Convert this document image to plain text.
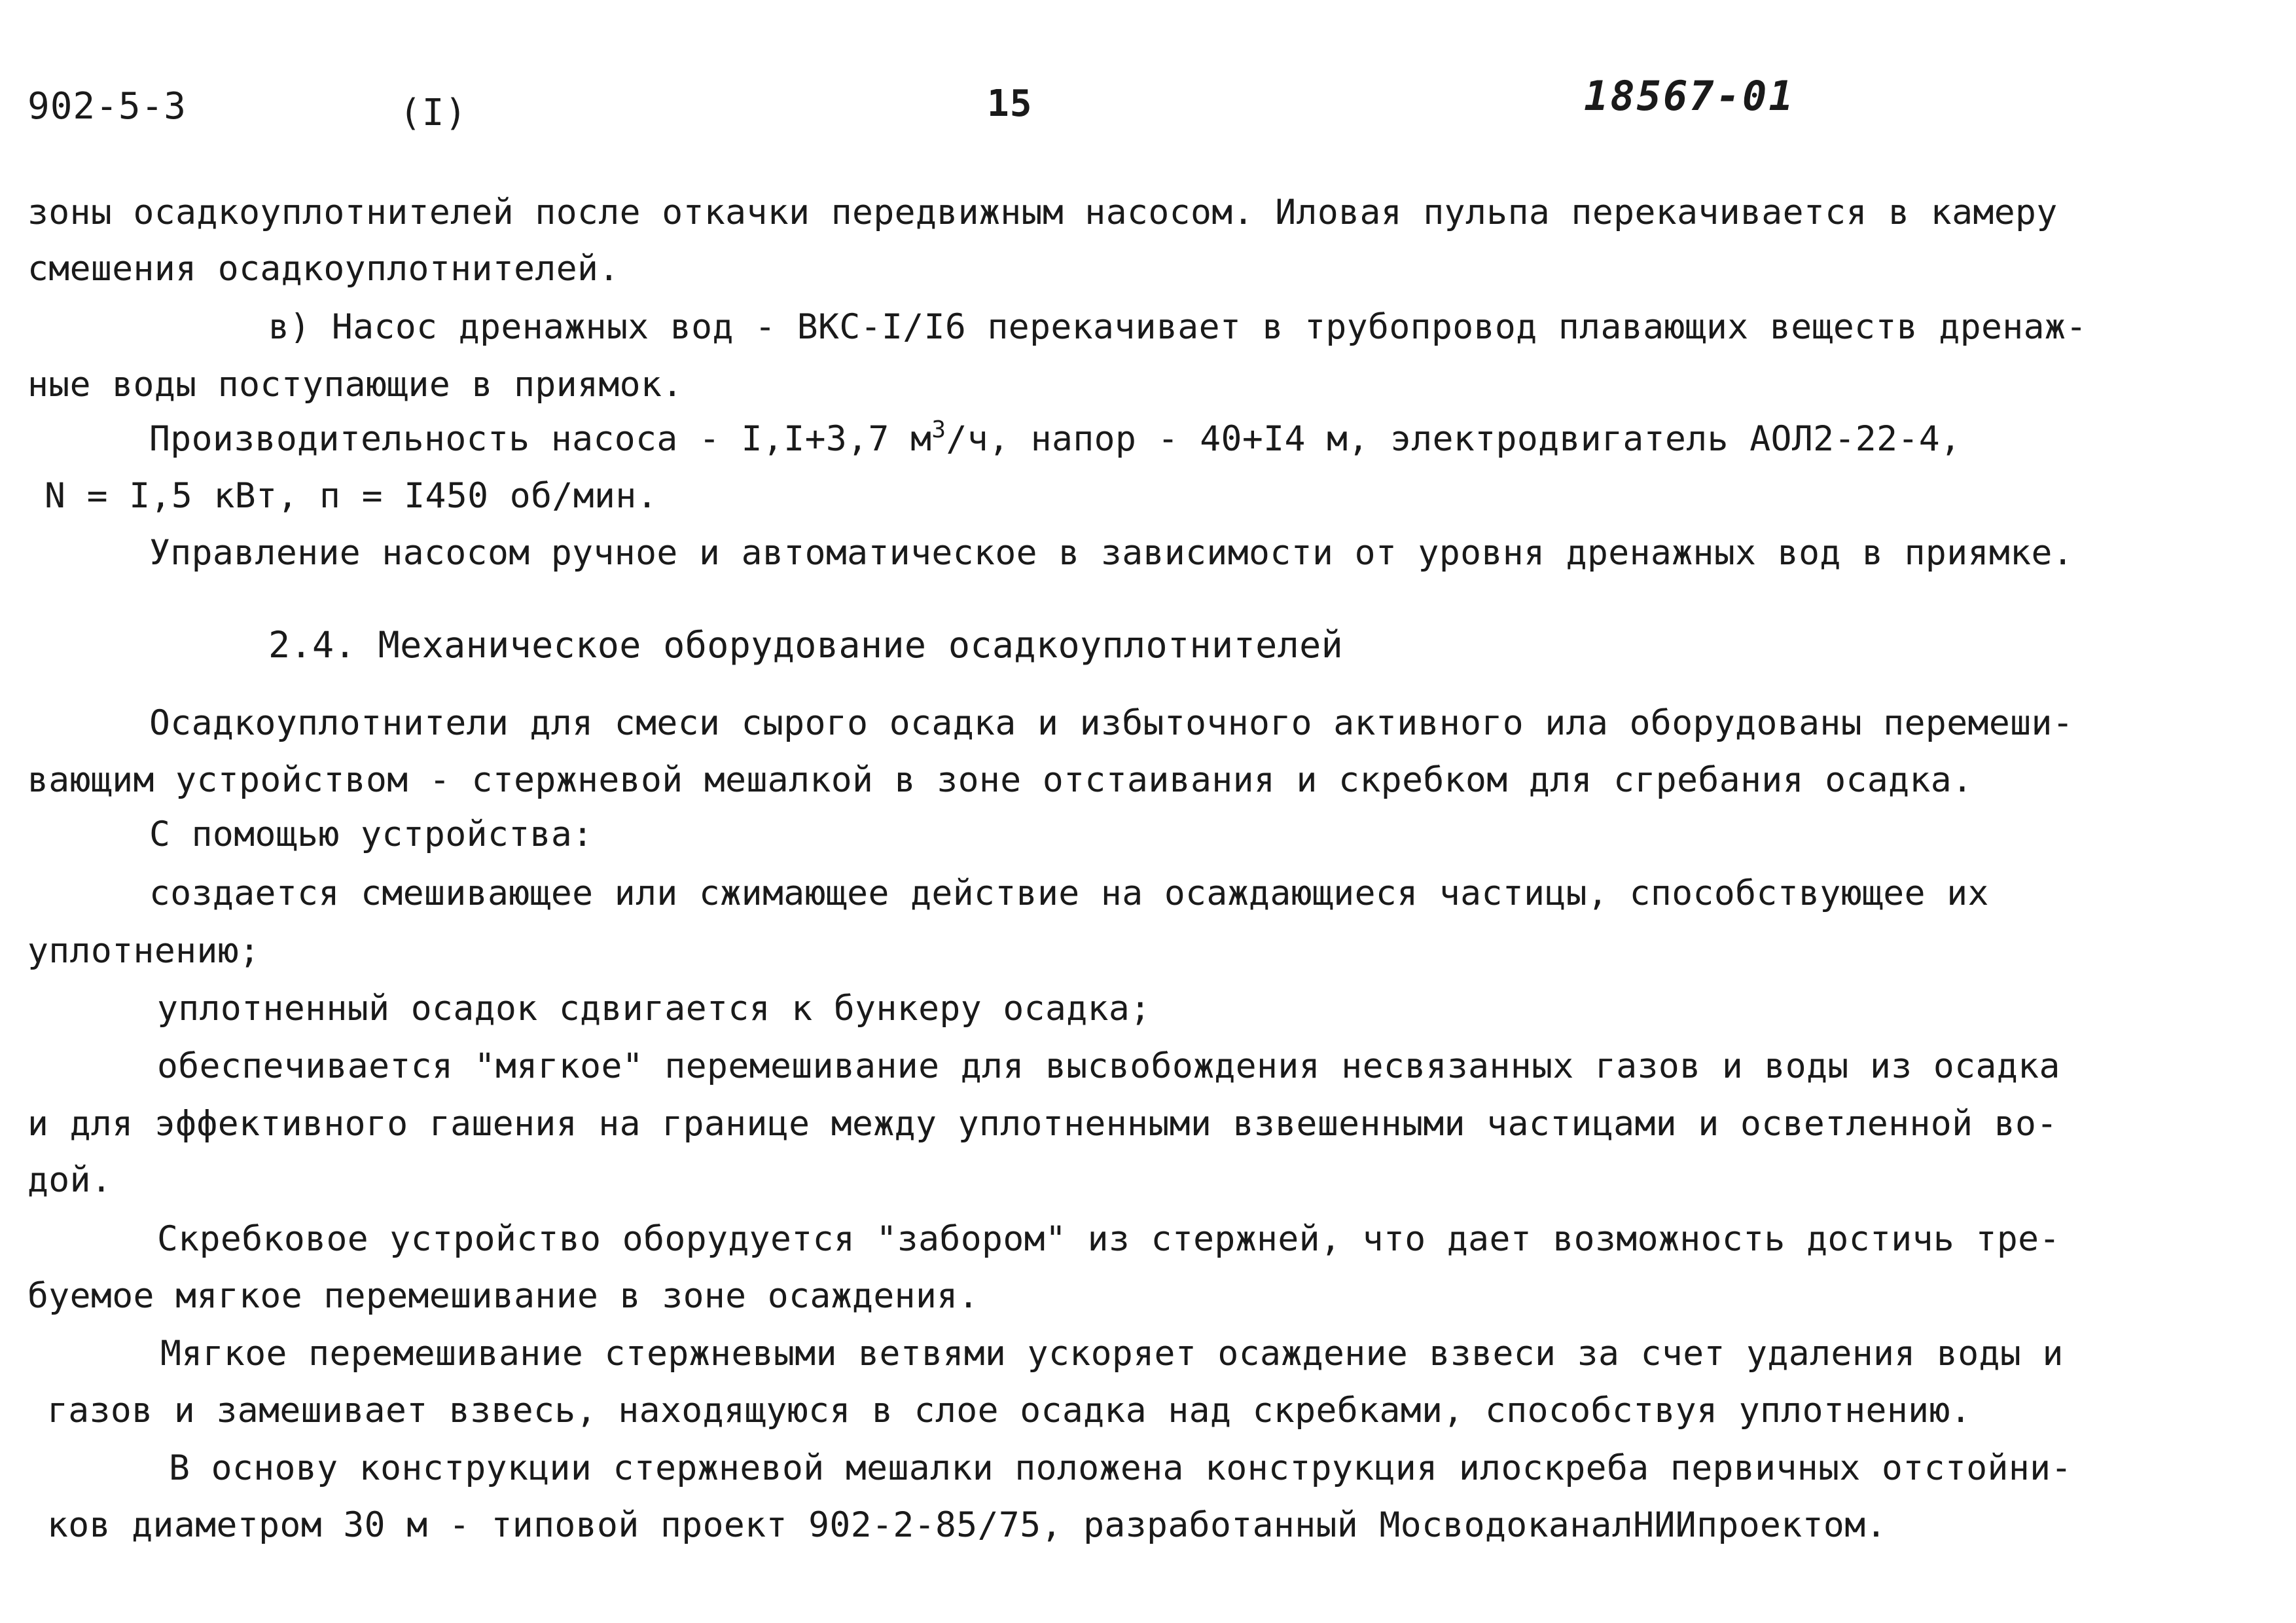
902-5-3	(I)	15	18567-01
зоны осадкоуплотнителей после откачки передвижным насосом. Иловая пульпа перекачивается в камеру
смешения осадкоуплотнителей.
в) Насос дренажных вод - ВКС-I/I6 перекачивает в трубопровод плавающих веществ дренаж-
ные воды поступающие в приямок.
Производительность насоса - I,I+3,7 $м^3/ч$, напор - 40+I4 м, электродвигатель АОЛ2-22-4,
N = I,5 кВт, п = I450 об/мин.
Управление насосом ручное и автоматическое в зависимости от уровня дренажных вод в приямке.
2.4. Механическое оборудование осадкоуплотнителей
Осадкоуплотнители для смеси сырого осадка и избыточного активного ила оборудованы перемеши-
вающим устройством - стержневой мешалкой в зоне отстаивания и скребком для сгребания осадка.
С помощью устройства:
создается смешивающее или сжимающее действие на осаждающиеся частицы, способствующее их
уплотнению;
уплотненный осадок сдвигается к бункеру осадка;
обеспечивается "мягкое" перемешивание для высвобождения несвязанных газов и воды из осадка
и для эффективного гашения на границе между уплотненными взвешенными частицами и осветленной во-
дой.
Скребковое устройство оборудуется "забором" из стержней, что дает возможность достичь тре-
буемое мягкое перемешивание в зоне осаждения.
Мягкое перемешивание стержневыми ветвями ускоряет осаждение взвеси за счет удаления воды и
газов и замешивает взвесь, находящуюся в слое осадка над скребками, способствуя уплотнению.
В основу конструкции стержневой мешалки положена конструкция илоскреба первичных отстойни-
ков диаметром 30 м - типовой проект 902-2-85/75, разработанный МосводоканалНИИпроектом.
